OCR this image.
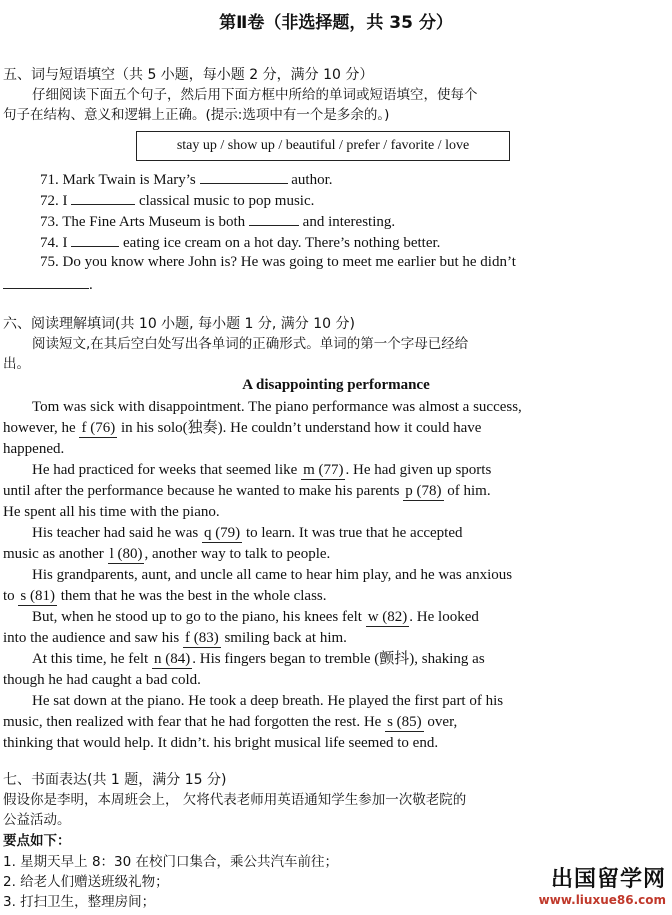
第Ⅱ卷（非选择题，共 35 分）
五、词与短语填空（共 5 小题，每小题 2 分，满分 10 分）
仔细阅读下面五个句子，然后用下面方框中所给的单词或短语填空，使每个
句子在结构、意义和逻辑上正确。(提示:选项中有一个是多余的。)
stay up / show up / beautiful / prefer / favorite / love
71. Mark Twain is Mary’s	author.
72. I	classical music to pop music.
73. The Fine Arts Museum is both	and interesting.
74. I	eating ice cream on a hot day. There’s nothing better.
75. Do you know where John is? He was going to meet me earlier but he didn’t
.
六、阅读理解填词(共 10 小题, 每小题 1 分, 满分 10 分)
阅读短文,在其后空白处写出各单词的正确形式。单词的第一个字母已经给
出。
A disappointing performance
Tom was sick with disappointment. The piano performance was almost a success,
however, he f (76) in his solo(独奏). He couldn’t understand how it could have
happened.
He had practiced for weeks that seemed like m (77). He had given up sports
until after the performance because he wanted to make his parents p (78) of him.
He spent all his time with the piano.
His teacher had said he was q (79) to learn. It was true that he accepted
music as another l (80), another way to talk to people.
His grandparents, aunt, and uncle all came to hear him play, and he was anxious
to s (81) them that he was the best in the whole class.
But, when he stood up to go to the piano, his knees felt w (82). He looked
into the audience and saw his f (83) smiling back at him.
At this time, he felt n (84). His fingers began to tremble (颤抖), shaking as
though he had caught a bad cold.
He sat down at the piano. He took a deep breath. He played the first part of his
music, then realized with fear that he had forgotten the rest. He s (85) over,
thinking that would help. It didn’t. his bright musical life seemed to end.
七、书面表达(共 1 题，满分 15 分)
假设你是李明，本周班会上， 欠将代表老师用英语通知学生参加一次敬老院的
公益活动。
要点如下：
1. 星期天早上 8：30 在校门口集合，乘公共汽车前往；
2. 给老人们赠送班级礼物；
3. 打扫卫生，整理房间；
出国留学网
www.liuxue86.com
